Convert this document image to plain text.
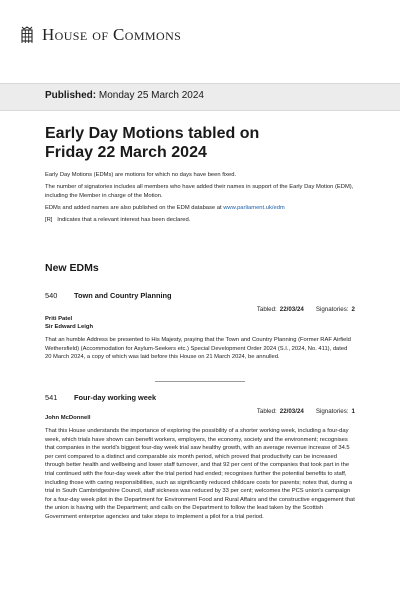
House of Commons
Published: Monday 25 March 2024
Early Day Motions tabled on
Friday 22 March 2024

Early Day Motions (EDMs) are motions for which no days have been fixed.

The number of signatories includes all members who have added their names in support of the Early Day Motion (EDM), including the Member in charge of the Motion.

EDMs and added names are also published on the EDM database at www.parliament.uk/edm

[R]   Indicates that a relevant interest has been declared.

New EDMs
540	Town and Country Planning
Tabled: 22/03/24 Signatories: 2
Priti Patel
Sir Edward Leigh
That an humble Address be presented to His Majesty, praying that the Town and Country Planning (Former RAF Airfield Wethersfield) (Accommodation for Asylum-Seekers etc.) Special Development Order 2024 (S.I., 2024, No. 411), dated 20 March 2024, a copy of which was laid before this House on 21 March 2024, be annulled.
541	Four-day working week
Tabled: 22/03/24 Signatories: 1
John McDonnell
That this House understands the importance of exploring the possibility of a shorter working week, including a four-day week, which trials have shown can benefit workers, employers, the economy, society and the environment; recognises that companies in the world's biggest four-day week trial saw healthy growth, with an average revenue increase of 34.5 per cent compared to a distinct and comparable six month period, which proved that productivity can be increased through better health and wellbeing and lower staff turnover, and that 92 per cent of the companies that took part in the trial continued with the four-day week after the trial period had ended; recognises further the potential benefits to staff, including those with caring responsibilities, such as significantly reduced childcare costs for parents; notes that, during a trial in South Cambridgeshire Council, staff sickness was reduced by 33 per cent; welcomes the PCS union's campaign for a four-day week pilot in the Department for Environment Food and Rural Affairs and the constructive engagement that the union is having with the Department; and calls on the Department to follow the lead taken by the Scottish Government enterprise agencies and take steps to implement a pilot for a trial period.
